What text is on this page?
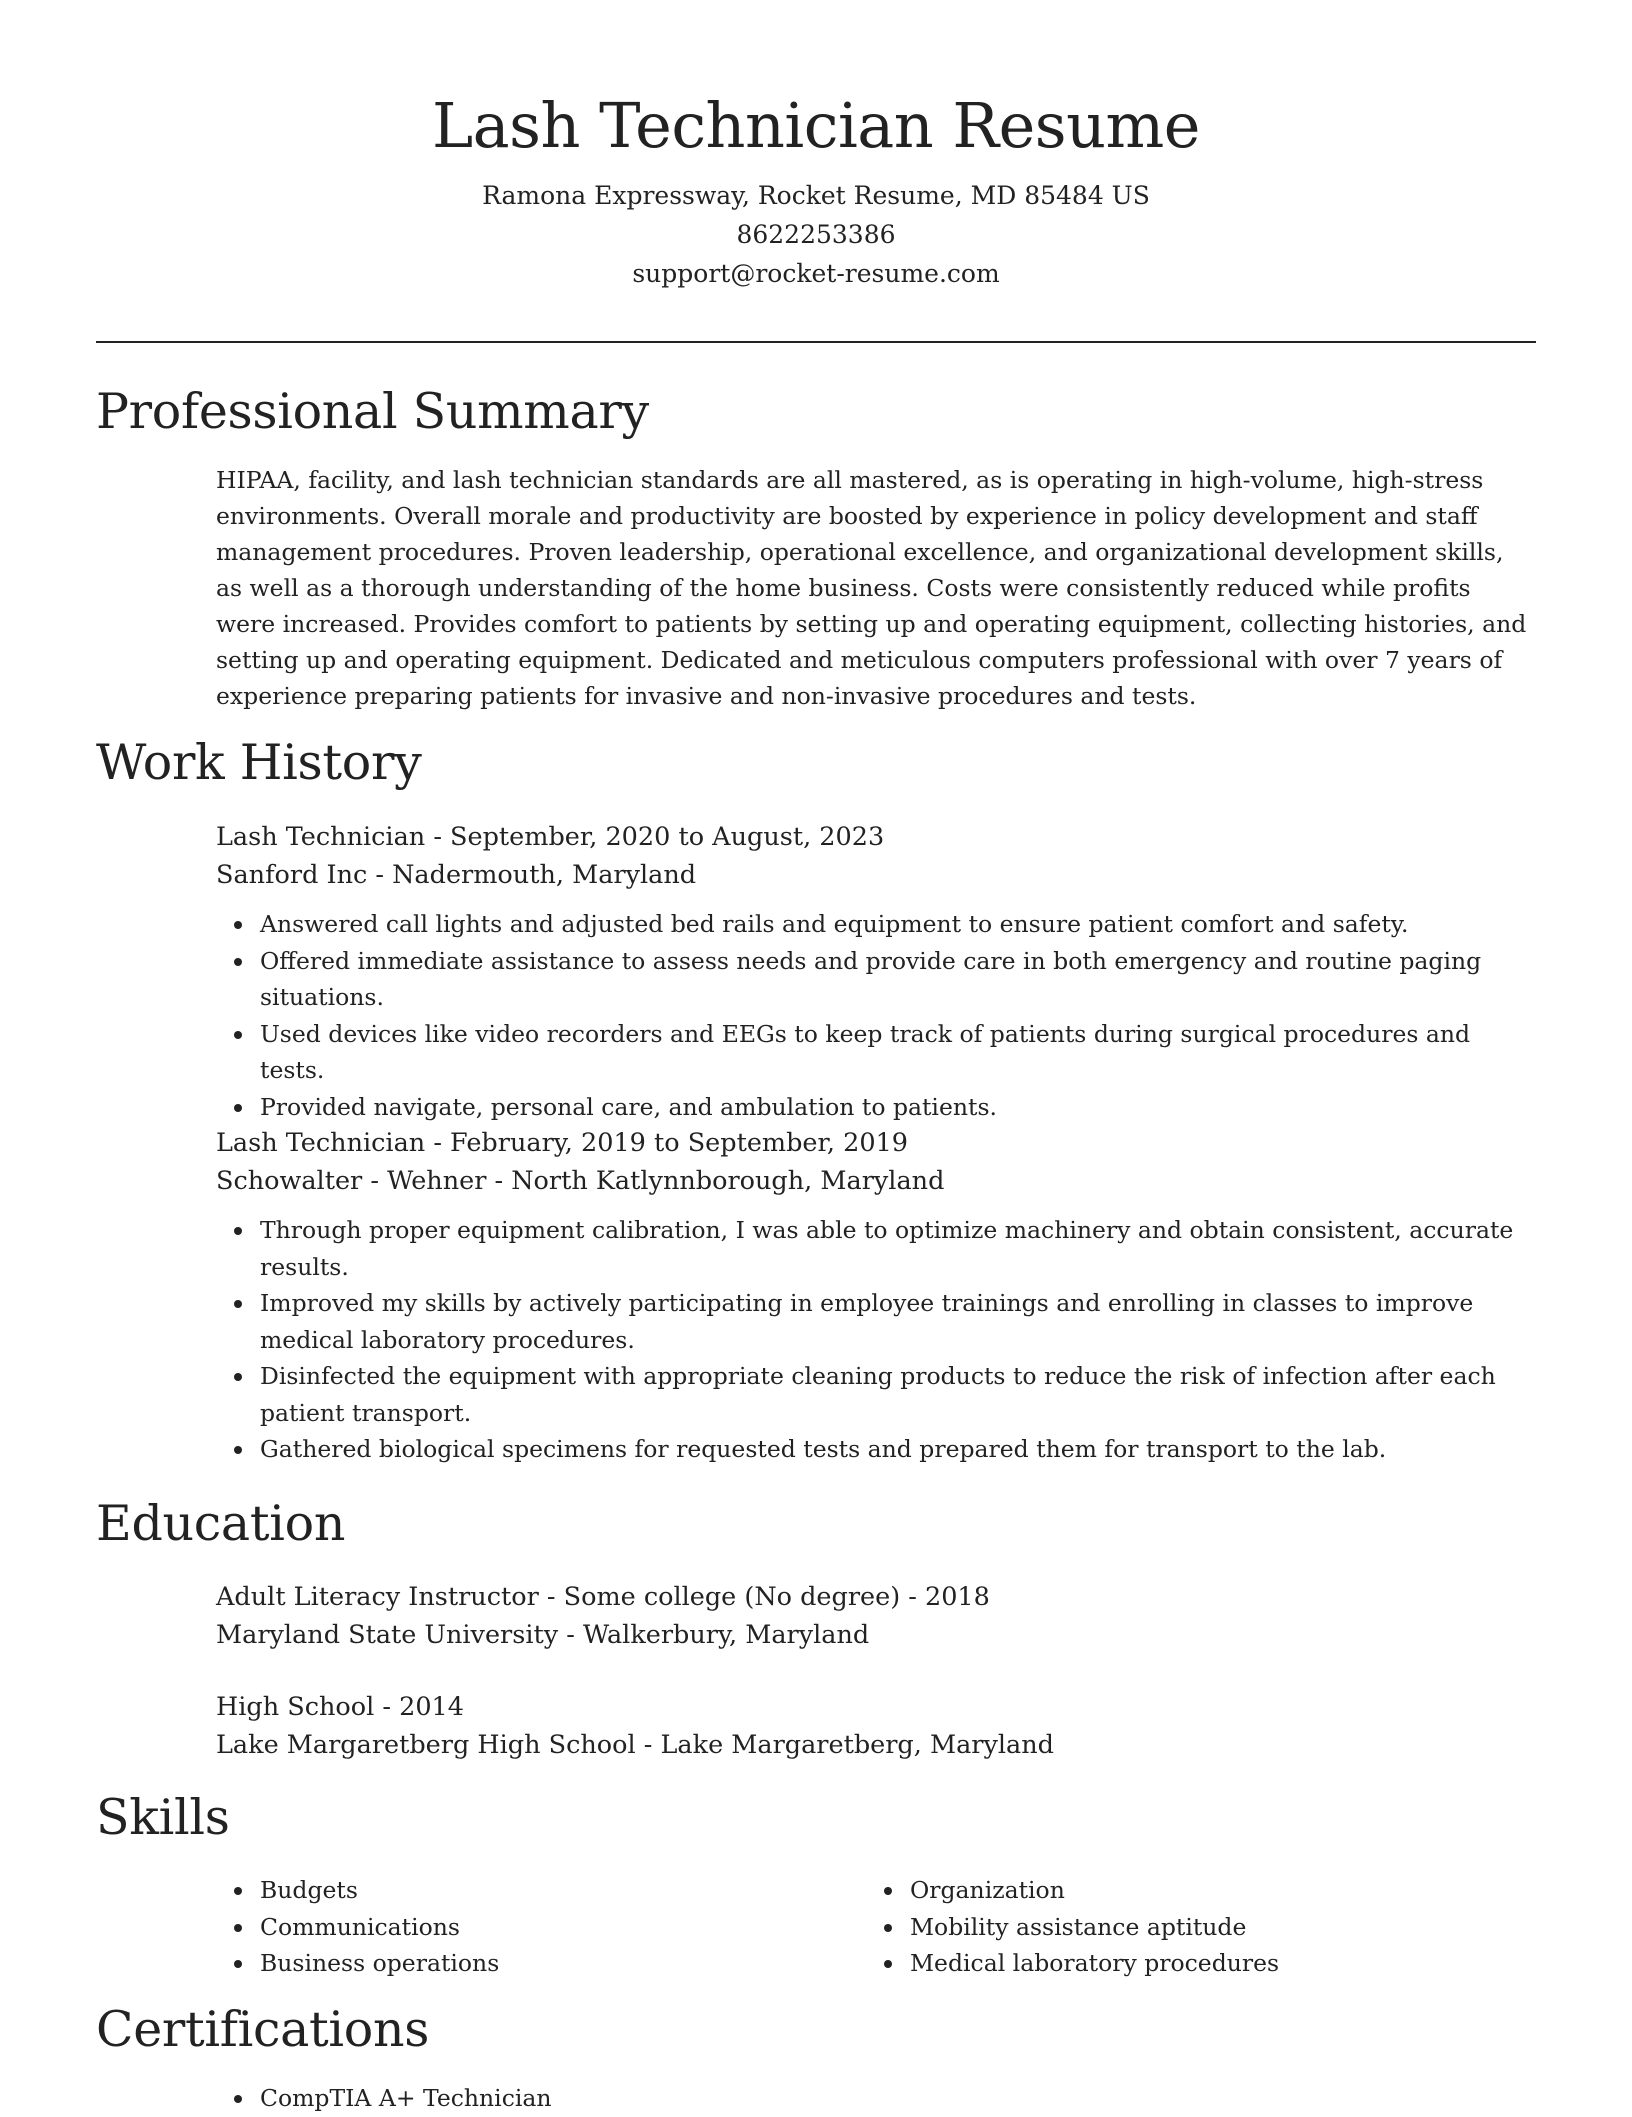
Lash Technician Resume
Ramona Expressway, Rocket Resume, MD 85484 US
8622253386
support@rocket-resume.com
Professional Summary
HIPAA, facility, and lash technician standards are all mastered, as is operating in high-volume, high-stress environments. Overall morale and productivity are boosted by experience in policy development and staff management procedures. Proven leadership, operational excellence, and organizational development skills, as well as a thorough understanding of the home business. Costs were consistently reduced while profits were increased. Provides comfort to patients by setting up and operating equipment, collecting histories, and setting up and operating equipment. Dedicated and meticulous computers professional with over 7 years of experience preparing patients for invasive and non-invasive procedures and tests.
Work History
Lash Technician - September, 2020 to August, 2023
Sanford Inc - Nadermouth, Maryland
Answered call lights and adjusted bed rails and equipment to ensure patient comfort and safety.
Offered immediate assistance to assess needs and provide care in both emergency and routine paging situations.
Used devices like video recorders and EEGs to keep track of patients during surgical procedures and tests.
Provided navigate, personal care, and ambulation to patients.
Lash Technician - February, 2019 to September, 2019
Schowalter - Wehner - North Katlynnborough, Maryland
Through proper equipment calibration, I was able to optimize machinery and obtain consistent, accurate results.
Improved my skills by actively participating in employee trainings and enrolling in classes to improve medical laboratory procedures.
Disinfected the equipment with appropriate cleaning products to reduce the risk of infection after each patient transport.
Gathered biological specimens for requested tests and prepared them for transport to the lab.
Education
Adult Literacy Instructor - Some college (No degree) - 2018
Maryland State University - Walkerbury, Maryland
High School - 2014
Lake Margaretberg High School - Lake Margaretberg, Maryland
Skills
Budgets
Communications
Business operations
Organization
Mobility assistance aptitude
Medical laboratory procedures
Certifications
CompTIA A+ Technician
